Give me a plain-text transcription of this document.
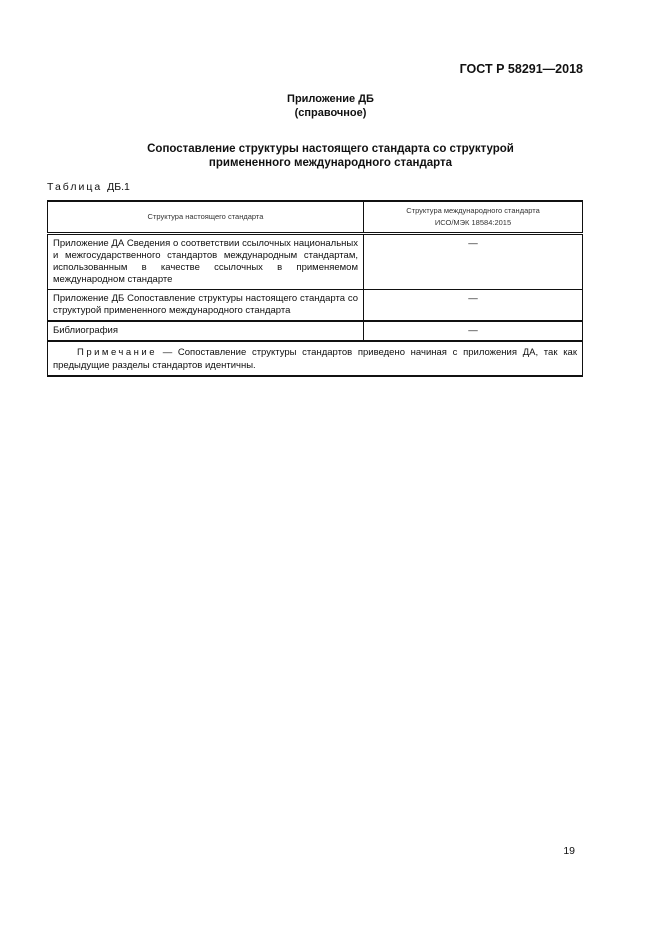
ГОСТ Р 58291—2018
Приложение ДБ
(справочное)
Сопоставление структуры настоящего стандарта со структурой
примененного международного стандарта
Таблица ДБ.1
Структура настоящего стандарта	Структура международного стандарта
ИСО/МЭК 18584:2015

Приложение ДА Сведения о соответствии ссылочных национальных и межгосударственного стандартов международным стандартам, использованным в качестве ссылочных в применяемом международном стандарте	—
Приложение ДБ Сопоставление структуры настоящего стандарта со структурой примененного международного стандарта	—
Библиография	—
Примечание — Сопоставление структуры стандартов приведено начиная с приложения ДА, так как предыдущие разделы стандартов идентичны.	
19
